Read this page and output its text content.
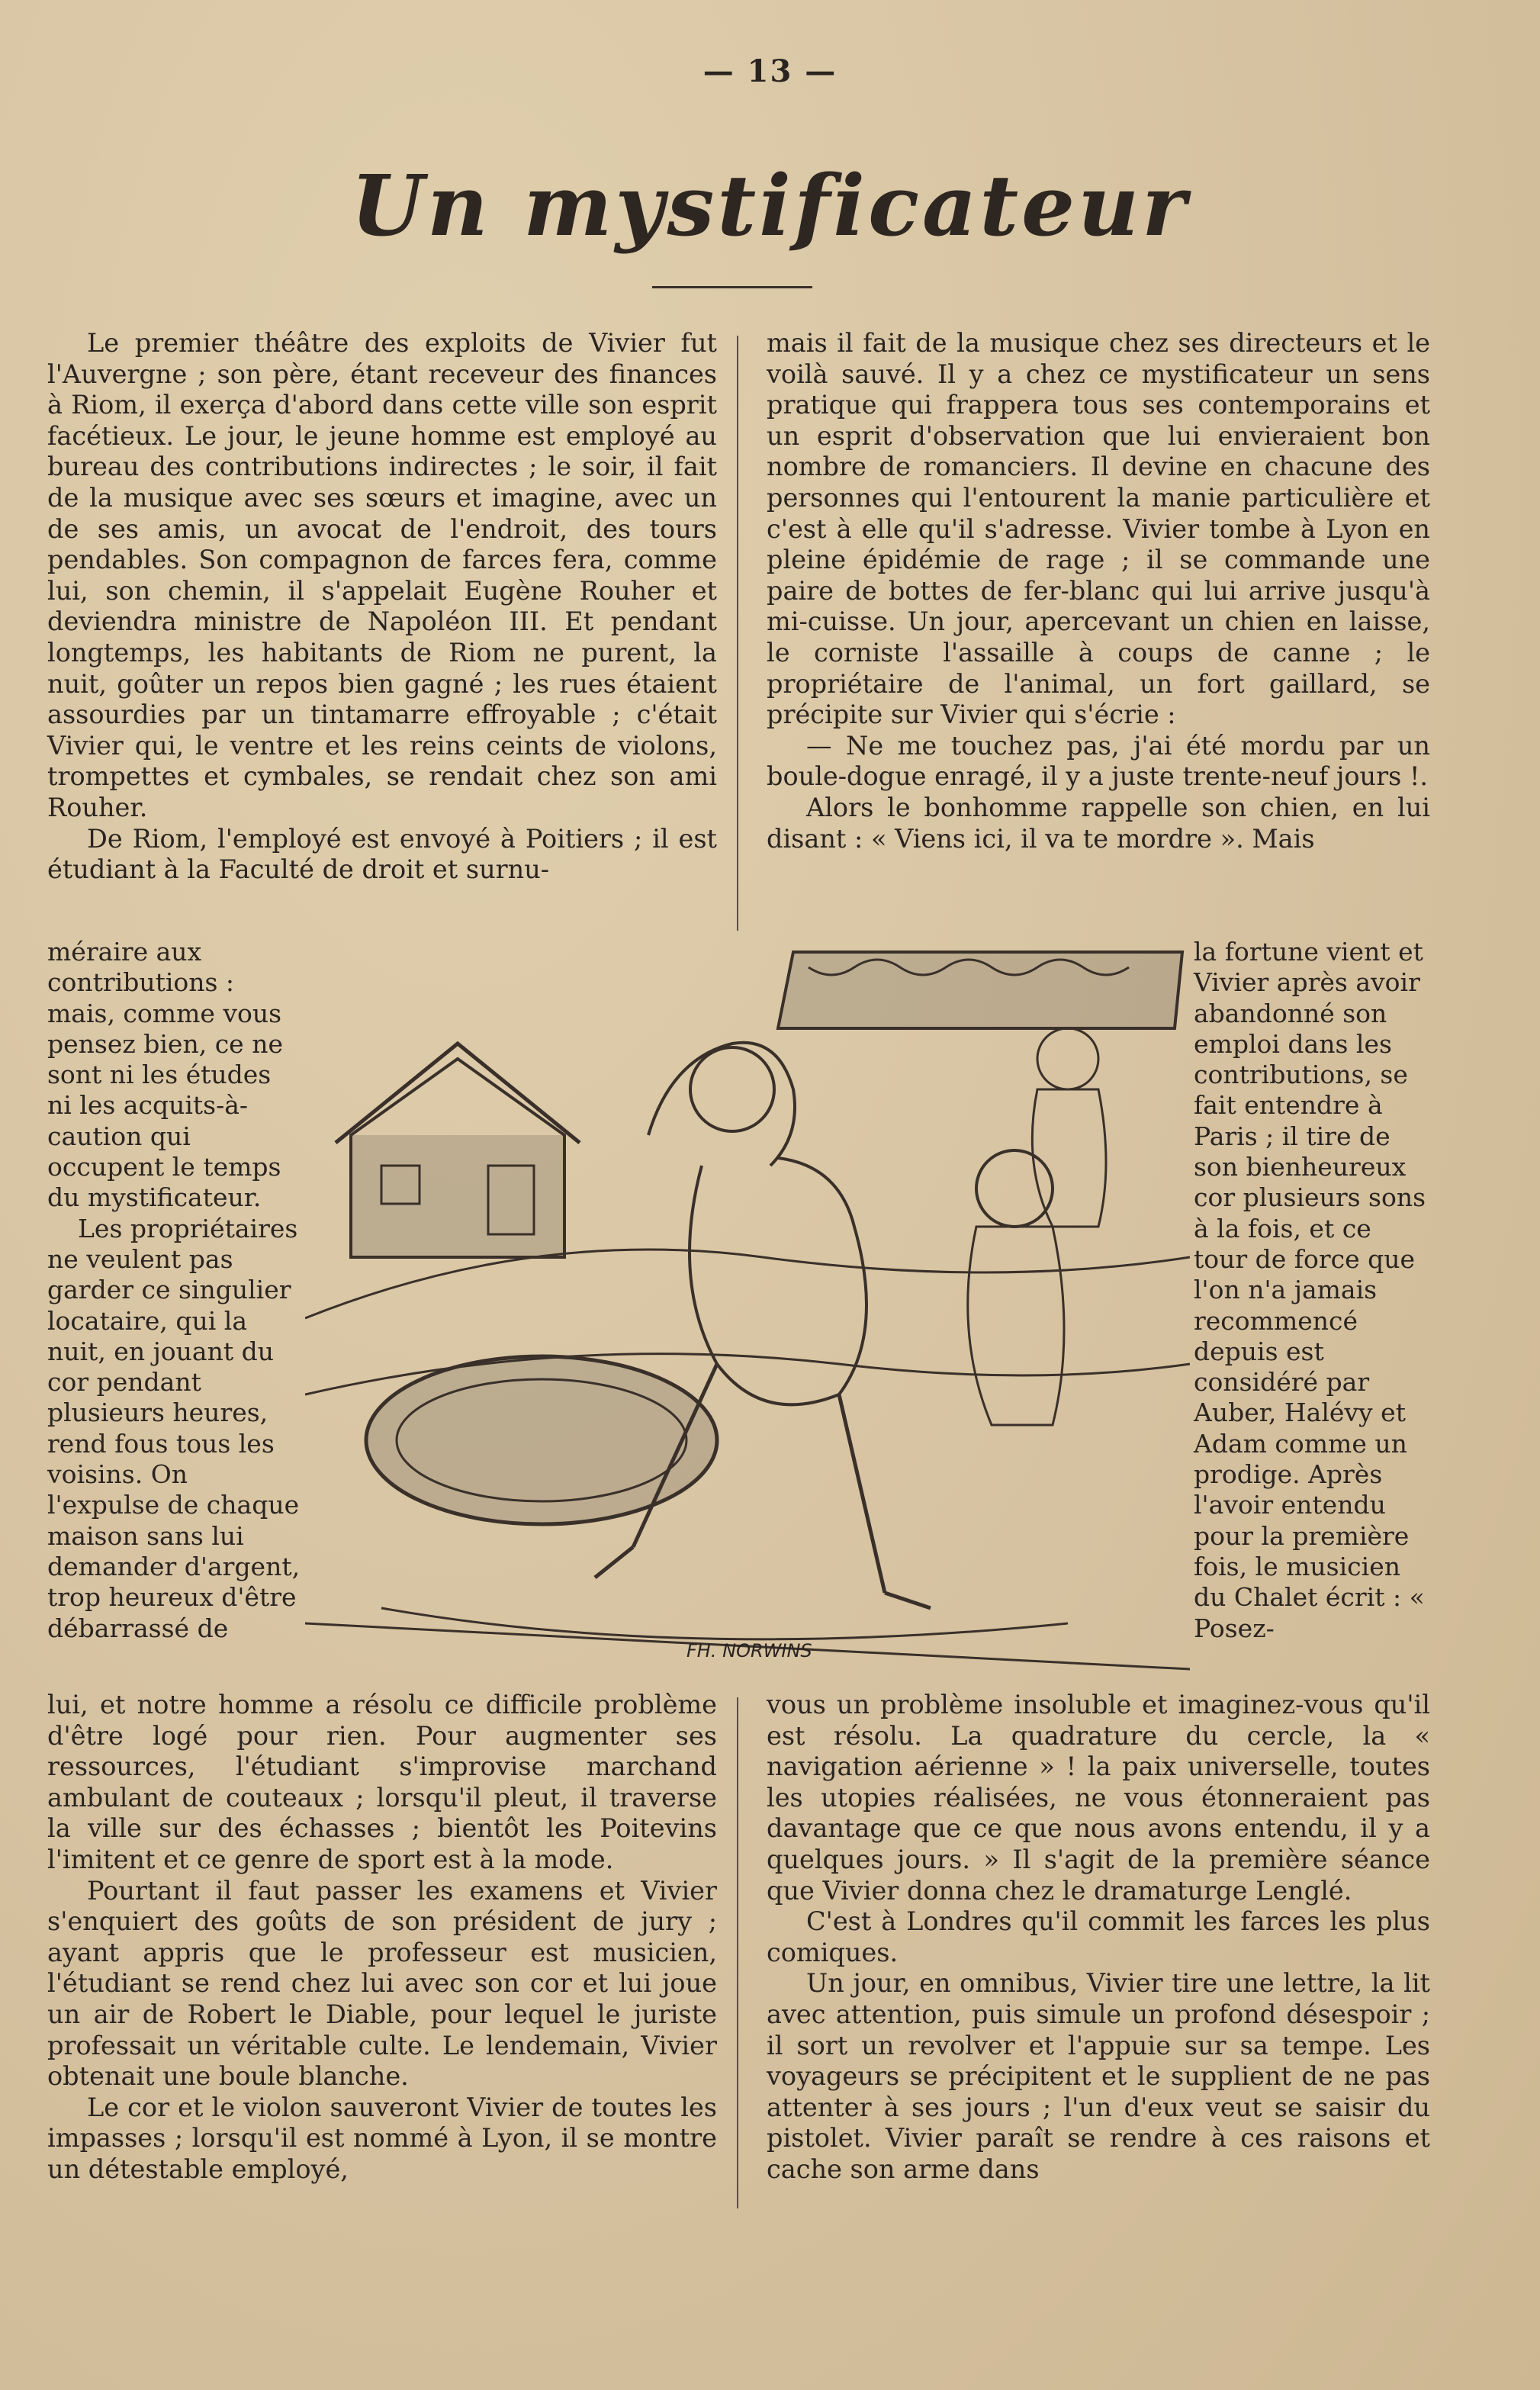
— 13 —
Un mystificateur

Le premier théâtre des exploits de Vivier fut l'Auvergne ; son père, étant receveur des finances à Riom, il exerça d'abord dans cette ville son esprit facétieux. Le jour, le jeune homme est employé au bureau des contributions indirectes ; le soir, il fait de la musique avec ses sœurs et imagine, avec un de ses amis, un avocat de l'endroit, des tours pendables. Son compagnon de farces fera, comme lui, son chemin, il s'appelait Eugène Rouher et deviendra ministre de Napoléon III. Et pendant longtemps, les habitants de Riom ne purent, la nuit, goûter un repos bien gagné ; les rues étaient assourdies par un tintamarre effroyable ; c'était Vivier qui, le ventre et les reins ceints de violons, trompettes et cymbales, se rendait chez son ami Rouher.

De Riom, l'employé est envoyé à Poitiers ; il est étudiant à la Faculté de droit et surnu-

mais il fait de la musique chez ses directeurs et le voilà sauvé. Il y a chez ce mystificateur un sens pratique qui frappera tous ses contemporains et un esprit d'observation que lui envieraient bon nombre de romanciers. Il devine en chacune des personnes qui l'entourent la manie particulière et c'est à elle qu'il s'adresse. Vivier tombe à Lyon en pleine épidémie de rage ; il se commande une paire de bottes de fer-blanc qui lui arrive jusqu'à mi-cuisse. Un jour, apercevant un chien en laisse, le corniste l'assaille à coups de canne ; le propriétaire de l'animal, un fort gaillard, se précipite sur Vivier qui s'écrie :

— Ne me touchez pas, j'ai été mordu par un boule-dogue enragé, il y a juste trente-neuf jours !.

Alors le bonhomme rappelle son chien, en lui disant : « Viens ici, il va te mordre ». Mais

méraire aux contributions : mais, comme vous pensez bien, ce ne sont ni les études ni les acquits-à-caution qui occupent le temps du mystificateur.

Les propriétaires ne veulent pas garder ce singulier locataire, qui la nuit, en jouant du cor pendant plusieurs heures, rend fous tous les voisins. On l'expulse de chaque maison sans lui demander d'argent, trop heureux d'être débarrassé de

FH. NORWINS

la fortune vient et Vivier après avoir abandonné son emploi dans les contributions, se fait entendre à Paris ; il tire de son bienheureux cor plusieurs sons à la fois, et ce tour de force que l'on n'a jamais recommencé depuis est considéré par Auber, Halévy et Adam comme un prodige. Après l'avoir entendu pour la première fois, le musicien du Chalet écrit : « Posez-

lui, et notre homme a résolu ce difficile problème d'être logé pour rien. Pour augmenter ses ressources, l'étudiant s'improvise marchand ambulant de couteaux ; lorsqu'il pleut, il traverse la ville sur des échasses ; bientôt les Poitevins l'imitent et ce genre de sport est à la mode.

Pourtant il faut passer les examens et Vivier s'enquiert des goûts de son président de jury ; ayant appris que le professeur est musicien, l'étudiant se rend chez lui avec son cor et lui joue un air de Robert le Diable, pour lequel le juriste professait un véritable culte. Le lendemain, Vivier obtenait une boule blanche.

Le cor et le violon sauveront Vivier de toutes les impasses ; lorsqu'il est nommé à Lyon, il se montre un détestable employé,

vous un problème insoluble et imaginez-vous qu'il est résolu. La quadrature du cercle, la « navigation aérienne » ! la paix universelle, toutes les utopies réalisées, ne vous étonneraient pas davantage que ce que nous avons entendu, il y a quelques jours. » Il s'agit de la première séance que Vivier donna chez le dramaturge Lenglé.

C'est à Londres qu'il commit les farces les plus comiques.

Un jour, en omnibus, Vivier tire une lettre, la lit avec attention, puis simule un profond désespoir ; il sort un revolver et l'appuie sur sa tempe. Les voyageurs se précipitent et le supplient de ne pas attenter à ses jours ; l'un d'eux veut se saisir du pistolet. Vivier paraît se rendre à ces raisons et cache son arme dans
